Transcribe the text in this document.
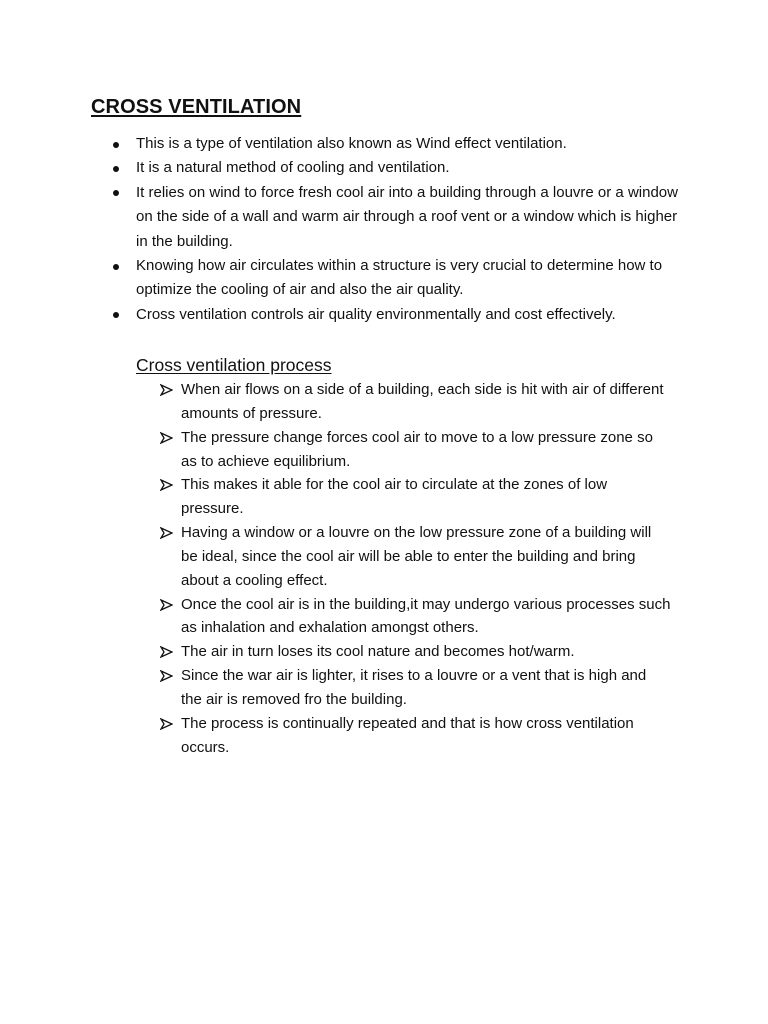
CROSS VENTILATION
This is a type of ventilation also known as Wind effect ventilation.
It is a natural method of cooling and ventilation.
It relies on wind to force fresh cool air into a building through a louvre or a window on the side of a wall and warm air through a roof vent or a window which is higher in the building.
Knowing how air circulates within a structure is very crucial to determine how to optimize the cooling of air and also the air quality.
Cross ventilation controls air quality environmentally and cost effectively.
Cross ventilation process
When air flows on a side of a building, each side is hit with air of different amounts of pressure.
The pressure change forces cool air to move to a low pressure zone so as to achieve equilibrium.
This makes it able for the cool air to circulate at the zones of low pressure.
Having a window or a louvre on the low pressure zone of a building will be ideal, since the cool air will be able to enter the building and bring about a cooling effect.
Once the cool air is in the building,it may undergo various processes such as inhalation and exhalation amongst others.
The air in turn loses its cool nature and becomes hot/warm.
Since the war air is lighter, it rises to a louvre or a vent that is high and the air is removed fro the building.
The process is continually repeated and that is how cross ventilation occurs.
